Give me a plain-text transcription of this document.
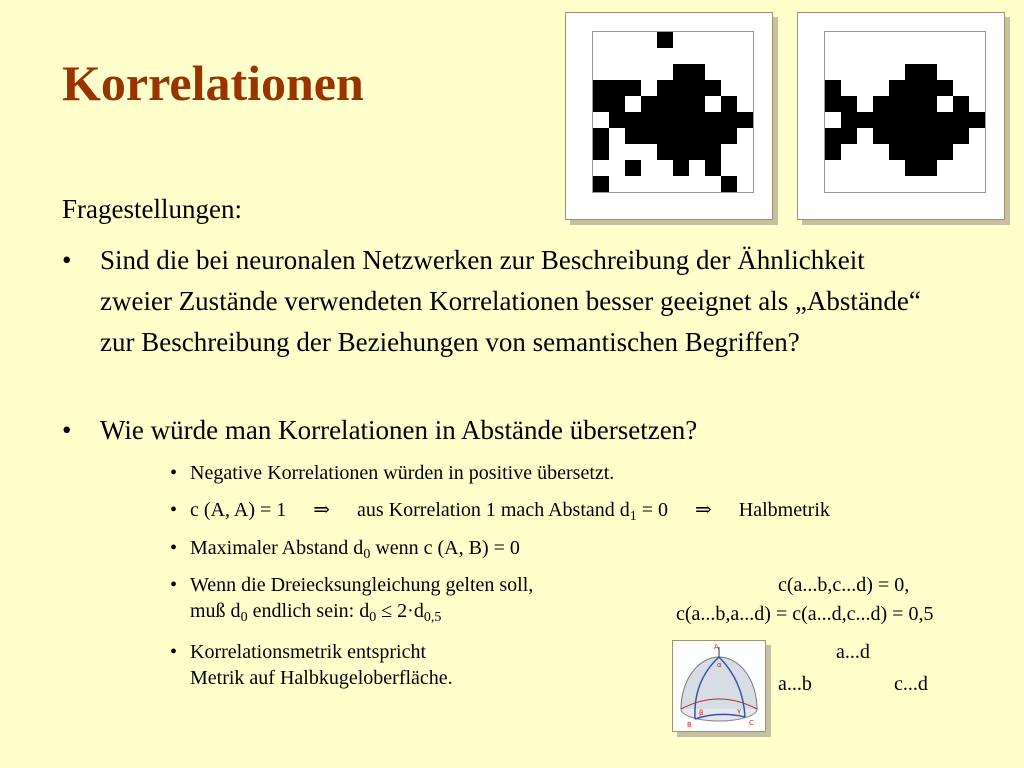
Korrelationen
Fragestellungen:
•	Sind die bei neuronalen Netzwerken zur Beschreibung der Ähnlichkeit zweier Zustände verwendeten Korrelationen besser geeignet als „Abstände“ zur Beschreibung der Beziehungen von semantischen Begriffen?
•	Wie würde man Korrelationen in Abstände übersetzen?
• Negative Korrelationen würden in positive übersetzt.
• c (A, A) = 1 ⇒ aus Korrelation 1 mach Abstand $d_1 = 0$ ⇒ Halbmetrik
• Maximaler Abstand $d_0$ wenn c (A, B) = 0
• Wenn die Dreiecksungleichung gelten soll,
muß $d_0$ endlich sein: $d_0 \le 2\cdot d_{0,5}$
c(a...b,c...d) = 0,
c(a...b,a...d) = c(a...d,c...d) = 0,5
• Korrelationsmetrik entspricht
Metrik auf Halbkugeloberfläche.
a...d
a...b	c...d
A
α
β	γ
B	C
